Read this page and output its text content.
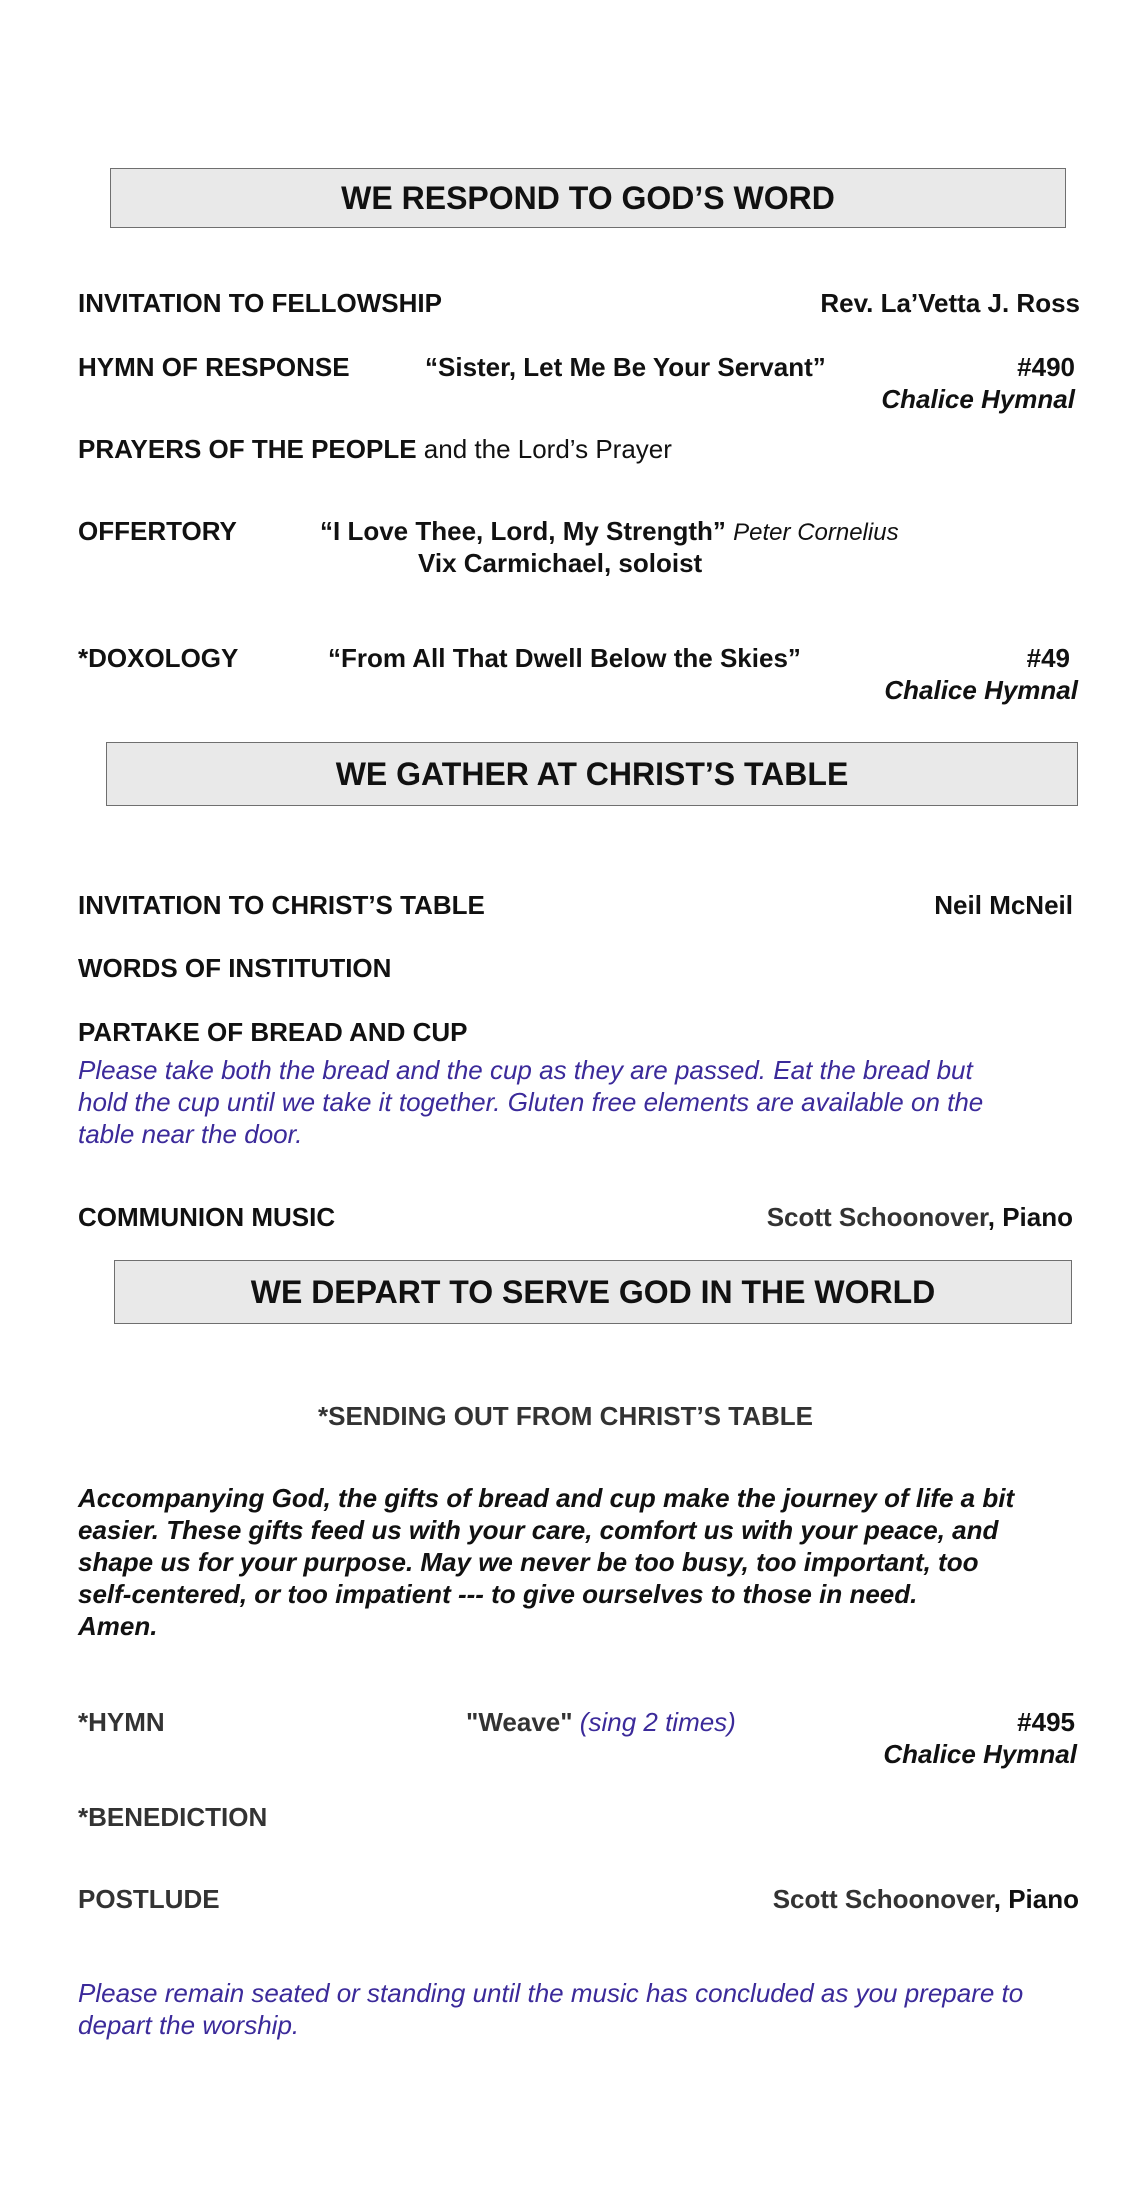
WE RESPOND TO GOD’S WORD
INVITATION TO FELLOWSHIP	Rev. La’Vetta J. Ross
HYMN OF RESPONSE	“Sister, Let Me Be Your Servant”	#490
Chalice Hymnal
PRAYERS OF THE PEOPLE and the Lord’s Prayer
OFFERTORY	“I Love Thee, Lord, My Strength” Peter Cornelius
Vix Carmichael, soloist
*DOXOLOGY	“From All That Dwell Below the Skies”	#49
Chalice Hymnal
WE GATHER AT CHRIST’S TABLE
INVITATION TO CHRIST’S TABLE	Neil McNeil
WORDS OF INSTITUTION
PARTAKE OF BREAD AND CUP
Please take both the bread and the cup as they are passed. Eat the bread but
hold the cup until we take it together. Gluten free elements are available on the
table near the door.
COMMUNION MUSIC	Scott Schoonover, Piano
WE DEPART TO SERVE GOD IN THE WORLD
*SENDING OUT FROM CHRIST’S TABLE
Accompanying God, the gifts of bread and cup make the journey of life a bit
easier. These gifts feed us with your care, comfort us with your peace, and
shape us for your purpose. May we never be too busy, too important, too
self-centered, or too impatient --- to give ourselves to those in need.
Amen.
*HYMN	"Weave" (sing 2 times)	#495
Chalice Hymnal
*BENEDICTION
POSTLUDE	Scott Schoonover, Piano
Please remain seated or standing until the music has concluded as you prepare to
depart the worship.
